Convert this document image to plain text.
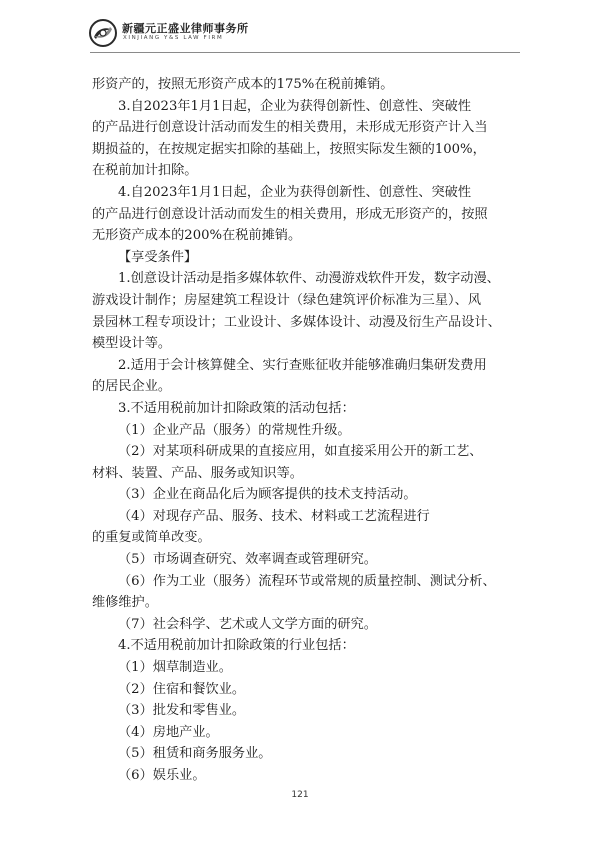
新疆元正盛业律师事务所
XINJIANG Y&S LAW FIRM
形资产的，按照无形资产成本的175%在税前摊销。
3.自2023年1月1日起，企业为获得创新性、创意性、突破性
的产品进行创意设计活动而发生的相关费用，未形成无形资产计入当
期损益的，在按规定据实扣除的基础上，按照实际发生额的100%，
在税前加计扣除。
4.自2023年1月1日起，企业为获得创新性、创意性、突破性
的产品进行创意设计活动而发生的相关费用，形成无形资产的，按照
无形资产成本的200%在税前摊销。
【享受条件】
1.创意设计活动是指多媒体软件、动漫游戏软件开发，数字动漫、
游戏设计制作；房屋建筑工程设计（绿色建筑评价标准为三星）、风
景园林工程专项设计；工业设计、多媒体设计、动漫及衍生产品设计、
模型设计等。
2.适用于会计核算健全、实行查账征收并能够准确归集研发费用
的居民企业。
3.不适用税前加计扣除政策的活动包括：
（1）企业产品（服务）的常规性升级。
（2）对某项科研成果的直接应用，如直接采用公开的新工艺、
材料、装置、产品、服务或知识等。
（3）企业在商品化后为顾客提供的技术支持活动。
（4）对现存产品、服务、技术、材料或工艺流程进行
的重复或简单改变。
（5）市场调查研究、效率调查或管理研究。
（6）作为工业（服务）流程环节或常规的质量控制、测试分析、
维修维护。
（7）社会科学、艺术或人文学方面的研究。
4.不适用税前加计扣除政策的行业包括：
（1）烟草制造业。
（2）住宿和餐饮业。
（3）批发和零售业。
（4）房地产业。
（5）租赁和商务服务业。
（6）娱乐业。
121
